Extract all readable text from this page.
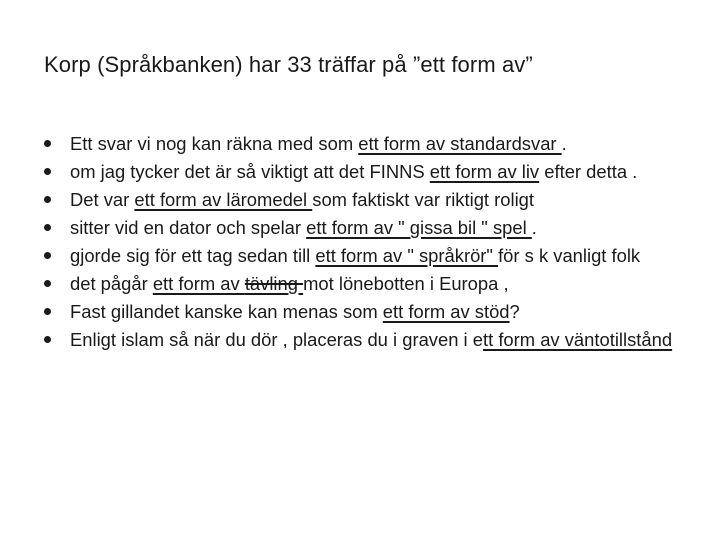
Korp (Språkbanken) har 33 träffar på ”ett form av”
Ett svar vi nog kan räkna med som ett form av standardsvar .
om jag tycker det är så viktigt att det FINNS ett form av liv efter detta .
Det var ett form av läromedel som faktiskt var riktigt roligt
sitter vid en dator och spelar ett form av " gissa bil " spel .
gjorde sig för ett tag sedan till ett form av " språkrör" för s k vanligt folk
det pågår ett form av tävling mot lönebotten i Europa ,
Fast gillandet kanske kan menas som ett form av stöd?
Enligt islam så när du dör , placeras du i graven i ett form av väntotillstånd
